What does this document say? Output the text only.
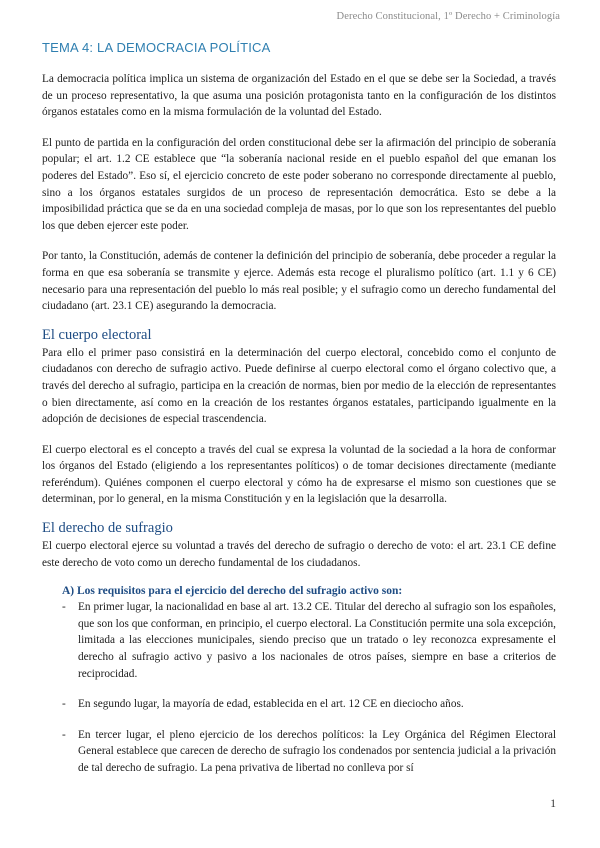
Derecho Constitucional, 1º Derecho + Criminología
TEMA 4: LA DEMOCRACIA POLÍTICA

La democracia política implica un sistema de organización del Estado en el que se debe ser la Sociedad, a través de un proceso representativo, la que asuma una posición protagonista tanto en la configuración de los distintos órganos estatales como en la misma formulación de la voluntad del Estado.

El punto de partida en la configuración del orden constitucional debe ser la afirmación del principio de soberanía popular; el art. 1.2 CE establece que “la soberanía nacional reside en el pueblo español del que emanan los poderes del Estado”. Eso sí, el ejercicio concreto de este poder soberano no corresponde directamente al pueblo, sino a los órganos estatales surgidos de un proceso de representación democrática. Esto se debe a la imposibilidad práctica que se da en una sociedad compleja de masas, por lo que son los representantes del pueblo los que deben ejercer este poder.

Por tanto, la Constitución, además de contener la definición del principio de soberanía, debe proceder a regular la forma en que esa soberanía se transmite y ejerce. Además esta recoge el pluralismo político (art. 1.1 y 6 CE) necesario para una representación del pueblo lo más real posible; y el sufragio como un derecho fundamental del ciudadano (art. 23.1 CE) asegurando la democracia.

El cuerpo electoral

Para ello el primer paso consistirá en la determinación del cuerpo electoral, concebido como el conjunto de ciudadanos con derecho de sufragio activo. Puede definirse al cuerpo electoral como el órgano colectivo que, a través del derecho al sufragio, participa en la creación de normas, bien por medio de la elección de representantes o bien directamente, así como en la creación de los restantes órganos estatales, participando igualmente en la adopción de decisiones de especial trascendencia.

El cuerpo electoral es el concepto a través del cual se expresa la voluntad de la sociedad a la hora de conformar los órganos del Estado (eligiendo a los representantes políticos) o de tomar decisiones directamente (mediante referéndum). Quiénes componen el cuerpo electoral y cómo ha de expresarse el mismo son cuestiones que se determinan, por lo general, en la misma Constitución y en la legislación que la desarrolla.

El derecho de sufragio

El cuerpo electoral ejerce su voluntad a través del derecho de sufragio o derecho de voto: el art. 23.1 CE define este derecho de voto como un derecho fundamental de los ciudadanos.

A) Los requisitos para el ejercicio del derecho del sufragio activo son:
- En primer lugar, la nacionalidad en base al art. 13.2 CE. Titular del derecho al sufragio son los españoles, que son los que conforman, en principio, el cuerpo electoral. La Constitución permite una sola excepción, limitada a las elecciones municipales, siendo preciso que un tratado o ley reconozca expresamente el derecho al sufragio activo y pasivo a los nacionales de otros países, siempre en base a criterios de reciprocidad.
- En segundo lugar, la mayoría de edad, establecida en el art. 12 CE en dieciocho años.
- En tercer lugar, el pleno ejercicio de los derechos políticos: la Ley Orgánica del Régimen Electoral General establece que carecen de derecho de sufragio los condenados por sentencia judicial a la privación de tal derecho de sufragio. La pena privativa de libertad no conlleva por sí
1
